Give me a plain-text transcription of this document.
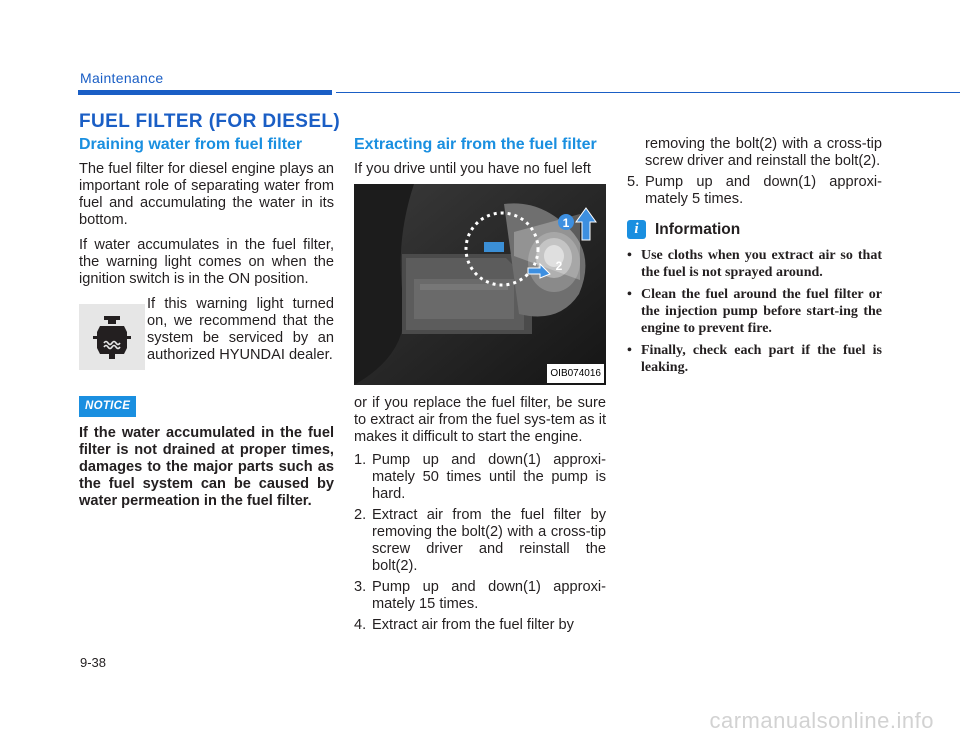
Maintenance
FUEL FILTER (FOR DIESEL)
Draining water from fuel filter

The fuel filter for diesel engine plays an important role of separating water from fuel and accumulating the water in its bottom.

If water accumulates in the fuel filter, the warning light comes on when the ignition switch is in the ON position.

If this warning light turned on, we recommend that the system be serviced by an authorized HYUNDAI dealer.

NOTICE

If the water accumulated in the fuel filter is not drained at proper times, damages to the major parts such as the fuel system can be caused by water permeation in the fuel filter.

Extracting air from the fuel filter

If you drive until you have no fuel left

1
2
OIB074016

or if you replace the fuel filter, be sure to extract air from the fuel sys-tem as it makes it difficult to start the engine.

1. Pump up and down(1) approxi-mately 50 times until the pump is hard.
2. Extract air from the fuel filter by removing the bolt(2) with a cross-tip screw driver and reinstall the bolt(2).
3. Pump up and down(1) approxi-mately 15 times.
4. Extract air from the fuel filter by
removing the bolt(2) with a cross-tip screw driver and reinstall the bolt(2).
5. Pump up and down(1) approxi-mately 5 times.
i	Information
• Use cloths when you extract air so that the fuel is not sprayed around.
• Clean the fuel around the fuel filter or the injection pump before start-ing the engine to prevent fire.
• Finally, check each part if the fuel is leaking.
9-38
carmanualsonline.info
